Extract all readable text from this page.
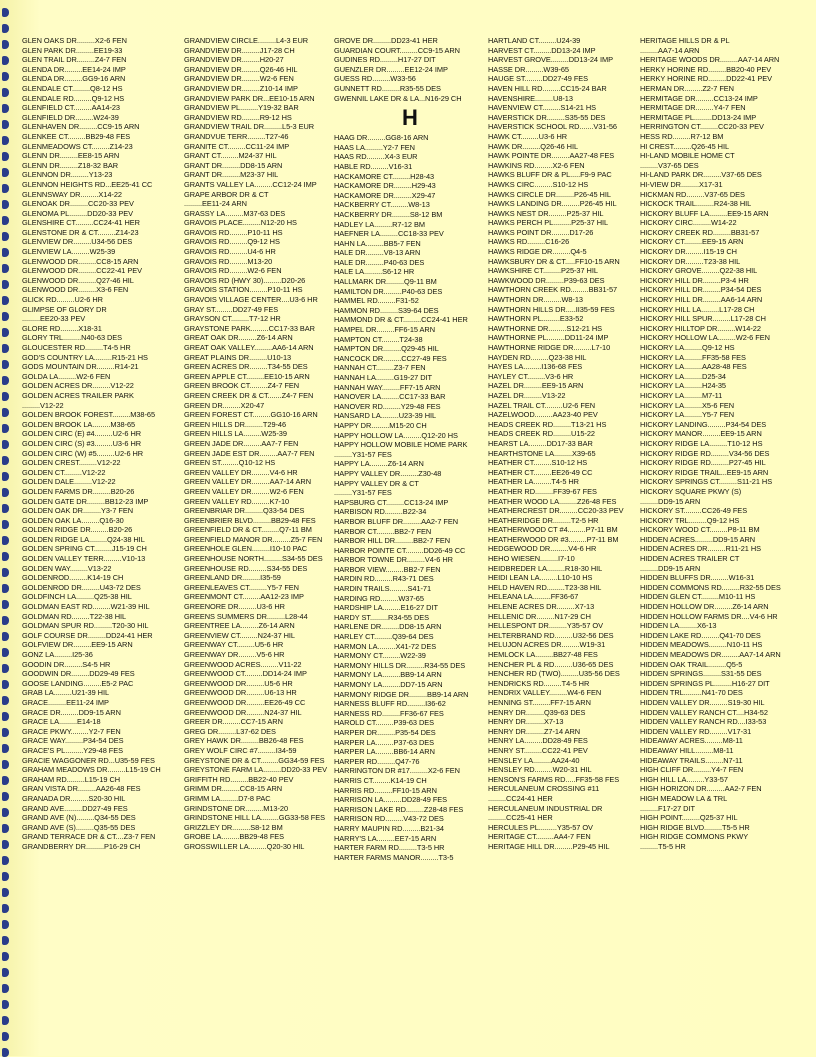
GLEN OAKS DR.........X2-6 FEN
GLEN PARK DR.........EE19-33
GLEN TRAIL DR.........Z4-7 FEN
GLENDA DR.........EE14-24 IMP
GLENDA DR.........GG9-16 ARN
GLENDALE CT.........Q8-12 HS
GLENDALE RD.........Q9-12 HS
GLENFIELD CT.........AA14-23
GLENFIELD DR.........W24-39
GLENHAVEN DR.........CC9-15 ARN
GLENKEE CT.........BB29-48 FES
GLENMEADOWS CT.........Z14-23
GLENN DR.........EE8-15 ARN
GLENN DR.........Z18-32 BAR
GLENNON DR.........Y13-23
GLENNON HEIGHTS RD...EE25-41 CC
GLENNSWAY DR.........X14-22
GLENOAK DR.........CC20-33 PEV
GLENOMA PL.........DD20-33 PEV
GLENSHIRE CT.........CC24-41 HER
GLENSTONE DR & CT.........Z14-23
GLENVIEW DR.........U34-56 DES
GLENVIEW LA.........W25-39
GLENWOOD DR.........CC8-15 ARN
GLENWOOD DR.........CC22-41 PEV
GLENWOOD DR.........Q27-46 HIL
GLENWOOD DR.........X3-6 FEN
GLICK RD.........U2-6 HR
GLIMPSE OF GLORY DR
.........EE20-33 PEV
GLORE RD.........X18-31
GLORY TRL.........N40-63 DES
GLOUCESTER RD.........T4-5 HR
GOD'S COUNTRY LA.........R15-21 HS
GODS MOUNTAIN DR.........R14-21
GOLDA LA.........W2-6 FEN
GOLDEN ACRES DR.........V12-22
GOLDEN ACRES TRAILER PARK
.........V12-22
GOLDEN BROOK FOREST.........M38-65
GOLDEN BROOK LA.........M38-65
GOLDEN CIRC (E) #4.........U2-6 HR
GOLDEN CIRC (S) #3.........U3-6 HR
GOLDEN CIRC (W) #5.........U2-6 HR
GOLDEN CREST.........V12-22
GOLDEN CT.........V12-22
GOLDEN DALE.........V12-22
GOLDEN FARMS DR.........B20-26
GOLDEN GATE DR.........BB12-23 IMP
GOLDEN OAK DR.........Y3-7 FEN
GOLDEN OAK LA.........Q16-30
GOLDEN RIDGE DR.........B20-26
GOLDEN RIDGE LA.........Q24-38 HIL
GOLDEN SPRING CT.........J15-19 CH
GOLDEN VALLEY TERR.........V10-13
GOLDEN WAY.........V13-22
GOLDENROD.........K14-19 CH
GOLDENROD DR.........U43-72 DES
GOLDFINCH LA.........Q25-38 HIL
GOLDMAN EAST RD.........W21-39 HIL
GOLDMAN RD.........T22-38 HIL
GOLDMAN SPUR RD.........T20-30 HIL
GOLF COURSE DR.........DD24-41 HER
GOLFVIEW DR.........EE9-15 ARN
GONZ LA.........I25-36
GOODIN DR.........S4-5 HR
GOODWIN DR.........DD29-49 FES
GOOSE LANDING.........E5-2 PAC
GRAB LA.........U21-39 HIL
GRACE.........EE11-24 IMP
GRACE DR.........DD9-15 ARN
GRACE LA.........E14-18
GRACE PKWY.........Y2-7 FEN
GRACE WAY.........P34-54 DES
GRACE'S PL.........Y29-48 FES
GRACIE WAGGONER RD...U35-59 FES
GRAHAM MEADOWS DR.........L15-19 CH
GRAHAM RD.........L15-19 CH
GRAN VISTA DR.........AA26-48 FES
GRANADA DR.........S20-30 HIL
GRAND AVE.........DD27-49 FES
GRAND AVE (N).........Q34-55 DES
GRAND AVE (S).........Q35-55 DES
GRAND TERRACE DR & CT....Z3-7 FEN
GRANDBERRY DR.........P16-29 CH
GRANDVIEW CIRCLE.........L4-3 EUR
GRANDVIEW DR.........J17-28 CH
GRANDVIEW DR.........H20-27
GRANDVIEW DR.........Q26-46 HIL
GRANDVIEW DR.........W2-6 FEN
GRANDVIEW DR.........Z10-14 IMP
GRANDVIEW PARK DR...EE10-15 ARN
GRANDVIEW PL.........Y19-32 BAR
GRANDVIEW RD.........R9-12 HS
GRANDVIEW TRAIL DR.........L5-3 EUR
GRANDVUE TERR.........T27-46
GRANITE CT.........CC11-24 IMP
GRANT CT.........M24-37 HIL
GRANT DR.........DD8-15 ARN
GRANT DR.........M23-37 HIL
GRANTS VALLEY LA.........CC12-24 IMP
GRAPE ARBOR DR & CT
.........EE11-24 ARN
GRASSY LA.........M37-63 DES
GRAVOIS PLACE.........N12-20 HS
GRAVOIS RD.........P10-11 HS
GRAVOIS RD.........Q9-12 HS
GRAVOIS RD.........U4-6 HR
GRAVOIS RD.........M13-20
GRAVOIS RD.........W2-6 FEN
GRAVOIS RD (HWY 30).........D20-26
GRAVOIS STATION.........P10-11 HS
GRAVOIS VILLAGE CENTER....U3-6 HR
GRAY ST.........DD27-49 FES
GRAYSON CT.........T7-12 HR
GRAYSTONE PARK.........CC17-33 BAR
GREAT OAK DR.........Z6-14 ARN
GREAT OAK VALLEY.........AA6-14 ARN
GREAT PLAINS DR.........U10-13
GREEN ACRES DR.........T34-55 DES
GREEN APPLE CT.........EE10-15 ARN
GREEN BROOK CT.........Z4-7 FEN
GREEN CREEK DR & CT.......Z4-7 FEN
GREEN DR.........X20-47
GREEN FOREST CT.........GG10-16 ARN
GREEN HILLS DR.........T29-46
GREEN HILLS LA.........W25-39
GREEN JADE DR.........AA7-7 FEN
GREEN JADE EST DR.........AA7-7 FEN
GREEN ST.........Q10-12 HS
GREEN VALLEY DR.........V4-6 HR
GREEN VALLEY DR.........AA7-14 ARN
GREEN VALLEY DR.........W2-6 FEN
GREEN VALLEY RD.........K7-10
GREENBRIAR DR.........Q33-54 DES
GREENBRIER BLVD.........BB29-48 FES
GREENFIELD DR & CT.........Q7-11 BM
GREENFIELD MANOR DR.........Z5-7 FEN
GREENHOLE GLEN.........I10-10 PAC
GREENHOUSE NORTH.........S34-55 DES
GREENHOUSE RD.........S34-55 DES
GREENLAND DR.........I35-59
GREENLEAVES CT.........Y5-7 FEN
GREENMONT CT.........AA12-23 IMP
GREENORE DR.........U3-6 HR
GREENS SUMMERS DR.........L28-44
GREENTREE LA.........Z6-14 ARN
GREENVIEW CT.........N24-37 HIL
GREENWAY CT.........U5-6 HR
GREENWAY DR.........V5-6 HR
GREENWOOD ACRES.........V11-22
GREENWOOD CT.........DD14-24 IMP
GREENWOOD DR.........U5-6 HR
GREENWOOD DR.........U6-13 HR
GREENWOOD DR.........EE26-49 CC
GREENWOOD DR.........N24-37 HIL
GREER DR.........CC7-15 ARN
GREG DR.........L37-62 DES
GREY HAWK DR.........BB26-48 FES
GREY WOLF CIRC #7.........I34-59
GREYSTONE DR & CT.........GG34-59 FES
GREYSTONE FARM LA.........DD20-33 PEV
GRIFFITH RD.........BB22-40 PEV
GRIMM DR.........CC8-15 ARN
GRIMM LA.........D7-8 PAC
GRINDSTONE DR.........M13-20
GRINDSTONE HILL LA.........GG33-58 FES
GRIZZLEY DR.........S8-12 BM
GROBE LA.........BB29-48 FES
GROSSWILLER LA.........Q20-30 HIL
GROVE DR.........DD23-41 HER
GUARDIAN COURT.........CC9-15 ARN
GUDINES RD.........H17-27 DIT
GUENZLER DR.........EE12-24 IMP
GUESS RD.........W33-56
GUNNETT RD.........R35-55 DES
GWENNIL LAKE DR & LA...N16-29 CH
H
HAAG DR.........GG8-16 ARN
HAAS LA.........Y2-7 FEN
HAAS RD.........X4-3 EUR
HABLE RD.........V16-31
HACKAMORE CT.........H28-43
HACKAMORE DR.........H29-43
HACKAMORE DR.........X29-47
HACKBERRY CT.........W8-13
HACKBERRY DR.........S8-12 BM
HADLEY LA.........R7-12 BM
HAEFNER LA.........CC18-33 PEV
HAHN LA.........BB5-7 FEN
HALE DR.........V8-13 ARN
HALE DR.........P40-63 DES
HALE LA.........S6-12 HR
HALLMARK DR.........Q9-11 BM
HAMILTON DR.........P40-63 DES
HAMMEL RD.........F31-52
HAMMON RD.........S39-64 DES
HAMMOND DR & CT.........CC24-41 HER
HAMPEL DR.........FF6-15 ARN
HAMPTON CT.........T24-38
HAMPTON DR.........Q29-45 HIL
HANCOCK DR.........CC27-49 FES
HANNAH CT.........Z3-7 FEN
HANNAH LA.........G19-27 DIT
HANNAH WAY.........FF7-15 ARN
HANOVER LA.........CC17-33 BAR
HANOVER RD.........Y29-48 FES
HANSARD LA.........U23-39 HIL
HAPPY DR.........M15-20 CH
HAPPY HOLLOW LA.........Q12-20 HS
HAPPY HOLLOW MOBILE HOME PARK
.........Y31-57 FES
HAPPY LA.........Z6-14 ARN
HAPPY VALLEY DR.........Z30-48
HAPPY VALLEY DR & CT
.........Y31-57 FES
HAPSBURG CT.........CC13-24 IMP
HARBISON RD.........B22-34
HARBOR BLUFF DR.........AA2-7 FEN
HARBOR CT.........BB2-7 FEN
HARBOR HILL DR.........BB2-7 FEN
HARBOR POINTE CT.........DD26-49 CC
HARBOR TOWNE DR.........V4-6 HR
HARBOR VIEW.........BB2-7 FEN
HARDIN RD.........R43-71 DES
HARDIN TRAILS.........S41-71
HARDING RD.........W37-65
HARDSHIP LA.........E16-27 DIT
HARDY ST.........R34-55 DES
HARLENE DR.........DD8-15 ARN
HARLEY CT.........Q39-64 DES
HARMON LA.........X41-72 DES
HARMONY CT.........W22-39
HARMONY HILLS DR.........R34-55 DES
HARMONY LA.........BB9-14 ARN
HARMONY LA.........DD7-15 ARN
HARMONY RIDGE DR.........BB9-14 ARN
HARNESS BLUFF RD.........I36-62
HARNESS RD.........FF36-67 FES
HAROLD CT.........P39-63 DES
HARPER DR.........P35-54 DES
HARPER LA.........P37-63 DES
HARPER LA.........BB6-14 ARN
HARPER RD.........Q47-76
HARRINGTON DR #17.........X2-6 FEN
HARRIS CT.........K14-19 CH
HARRIS RD.........FF10-15 ARN
HARRISON LA.........DD28-49 FES
HARRISON LAKE RD.........Z28-48 FES
HARRISON RD.........V43-72 DES
HARRY MAUPIN RD.........B21-34
HARRY'S LA.........EE7-15 ARN
HARTER FARM RD.........T3-5 HR
HARTER FARMS MANOR.........T3-5
HARTLAND CT.........U24-39
HARVEST CT.........DD13-24 IMP
HARVEST GROVE.........DD13-24 IMP
HASSE DR.........W39-65
HAUGE ST.........DD27-49 FES
HAVEN HILL RD.........CC15-24 BAR
HAVENSHIRE.........U8-13
HAVENVIEW CT.........S14-21 HS
HAVERSTICK DR.........S35-55 DES
HAVERSTICK SCHOOL RD.......V31-56
HAWK CT.........U3-6 HR
HAWK DR.........Q26-46 HIL
HAWK POINTE DR.........AA27-48 FES
HAWKINS RD.........X2-6 FEN
HAWKS BLUFF DR & PL.....F9-9 PAC
HAWKS CIRC.........S10-12 HS
HAWKS CIRCLE DR.........P26-45 HIL
HAWKS LANDING DR.........P26-45 HIL
HAWKS NEST DR.........P25-37 HIL
HAWKS PERCH PL.........P25-37 HIL
HAWKS POINT DR.........D17-26
HAWKS RD.........C16-26
HAWKS RIDGE DR.........Q4-5
HAWKSBURY DR & CT.....FF10-15 ARN
HAWKSHIRE CT.........P25-37 HIL
HAWKWOOD DR.........P39-63 DES
HAWTHORN CREEK RD.........BB31-57
HAWTHORN DR.........W8-13
HAWTHORN HILLS DR.....II35-59 FES
HAWTHORN PL.........E33-52
HAWTHORNE DR.........S12-21 HS
HAWTHORNE PL.........DD11-24 IMP
HAWTHORNE RIDGE DR.........L7-10
HAYDEN RD.........Q23-38 HIL
HAYES LA.........I136-68 FES
HAYLEY CT.........V3-6 HR
HAZEL DR.........EE9-15 ARN
HAZEL DR.........V13-22
HAZEL TRAIL CT.........U2-6 FEN
HAZELWOOD.........AA23-40 PEV
HEADS CREEK RD.........T13-21 HS
HEADS CREEK RD.........U15-22
HEARST LA.........DD17-33 BAR
HEARTHSTONE LA.........X39-65
HEATHER CT.........S10-12 HS
HEATHER CT.........EE26-49 CC
HEATHER LA.........T4-5 HR
HEATHER RD.........FF39-67 FES
HEATHER WOOD LA.........Z26-48 FES
HEATHERCREST DR.........CC20-33 PEV
HEATHERIDGE DR.........T2-5 HR
HEATHERWOOD CT #4.........P7-11 BM
HEATHERWOOD DR #3.........P7-11 BM
HEDGEWOOD DR.........V4-6 HR
HEHO WIESEN.........I7-10
HEIDBREDER LA.........R18-30 HIL
HEIDI LEAN LA.........L10-10 HS
HELD HAVEN RD.........T23-38 HIL
HELEANA LA.........FF36-67
HELENE ACRES DR.........X7-13
HELLENIC DR.........N17-29 CH
HELLESPONT DR.........Y35-57 OV
HELTERBRAND RD.........U32-56 DES
HELUJON ACRES DR.........W19-31
HEMLOCK LA.........BB27-48 FES
HENCHER PL & RD.........U36-65 DES
HENCHER RD (TWO).........U35-56 DES
HENDRICKS RD.........T4-5 HR
HENDRIX VALLEY.........W4-6 FEN
HENNING ST.........FF7-15 ARN
HENRY DR.........Q39-63 DES
HENRY DR.........X7-13
HENRY DR.........Z7-14 ARN
HENRY LA.........DD28-49 FES
HENRY ST.........CC22-41 PEV
HENSLEY LA.........AA24-40
HENSLEY RD.........W20-31 HIL
HENSON'S FARMS RD.....FF35-58 FES
HERCULANEUM CROSSING #11
.........CC24-41 HER
HERCULANEUM INDUSTRIAL DR
.........CC25-41 HER
HERCULES PL.........Y35-57 OV
HERITAGE CT.........AA4-7 FEN
HERITAGE HILL DR.........P29-45 HIL
HERITAGE HILLS DR & PL
.........AA7-14 ARN
HERITAGE WOODS DR.........AA7-14 ARN
HERKY HORINE RD.........BB20-40 PEV
HERKY HORINE RD.........DD22-41 PEV
HERMAN DR.........Z2-7 FEN
HERMITAGE DR.........CC13-24 IMP
HERMITAGE DR.........Y4-7 FEN
HERMITAGE PL.........DD13-24 IMP
HERRINGTON CT.........CC20-33 PEV
HESS RD.........R7-12 BM
HI CREST.........Q26-45 HIL
HI-LAND MOBILE HOME CT
.........V37-65 DES
HI-LAND PARK DR.........V37-65 DES
HI-VIEW DR.........X17-31
HICKMAN RD.........V37-65 DES
HICKOCK TRAIL.........R24-38 HIL
HICKORY BLUFF LA.........EE9-15 ARN
HICKORY CIRC.........W14-22
HICKORY CREEK RD.........BB31-57
HICKORY CT.........EE9-15 ARN
HICKORY DR.........I15-19 CH
HICKORY DR.........T23-38 HIL
HICKORY GROVE.........Q22-38 HIL
HICKORY HILL DR.........P3-4 HR
HICKORY HILL DR.........P34-54 DES
HICKORY HILL DR.........AA6-14 ARN
HICKORY HILL LA.........L17-28 CH
HICKORY HILL SPUR.........L17-28 CH
HICKORY HILLTOP DR.........W14-22
HICKORY HOLLOW LA.........W2-6 FEN
HICKORY LA.........Q9-12 HS
HICKORY LA.........FF35-58 FES
HICKORY LA.........AA28-48 FES
HICKORY LA.........D25-34
HICKORY LA.........H24-35
HICKORY LA.........M7-11
HICKORY LA.........X5-6 FEN
HICKORY LA.........Y5-7 FEN
HICKORY LANDING.........P34-54 DES
HICKORY MANOR.........EE9-15 ARN
HICKORY RIDGE LA.........T10-12 HS
HICKORY RIDGE RD.........V34-56 DES
HICKORY RIDGE RD.........P27-45 HIL
HICKORY RIDGE TRAIL...EE9-15 ARN
HICKORY SPRINGS CT.........S11-21 HS
HICKORY SQUARE PKWY (S)
.........DD9-15 ARN
HICKORY ST.........CC26-49 FES
HICKORY TRL.........Q9-12 HS
HICKORY WOOD CT.........P8-11 BM
HIDDEN ACRES.........DD9-15 ARN
HIDDEN ACRES DR.........R11-21 HS
HIDDEN ACRES TRAILER CT
.........DD9-15 ARN
HIDDEN BLUFFS DR.........W16-31
HIDDEN COMMONS RD.........R32-55 DES
HIDDEN GLEN CT.........M10-11 HS
HIDDEN HOLLOW DR.........Z6-14 ARN
HIDDEN HOLLOW FARMS DR....V4-6 HR
HIDDEN LA.........X6-13
HIDDEN LAKE RD.........Q41-70 DES
HIDDEN MEADOWS.........N10-11 HS
HIDDEN MEADOWS DR.........AA7-14 ARN
HIDDEN OAK TRAIL.........Q5-5
HIDDEN SPRINGS.........S31-55 DES
HIDDEN SPRINGS PL.........H16-27 DIT
HIDDEN TRL.........N41-70 DES
HIDDEN VALLEY DR.........S19-30 HIL
HIDDEN VALLEY RANCH CT....H34-52
HIDDEN VALLEY RANCH RD....I33-53
HIDDEN VALLEY RD.........V17-31
HIDEAWAY ACRES.........M8-11
HIDEAWAY HILL.........M8-11
HIDEAWAY TRAILS.........N7-11
HIGH CLIFF DR.........Y4-7 FEN
HIGH HILL LA.........Y33-57
HIGH HORIZON DR.........AA2-7 FEN
HIGH MEADOW LA & TRL
.........F17-27 DIT
HIGH POINT.........Q25-37 HIL
HIGH RIDGE BLVD.........T5-5 HR
HIGH RIDGE COMMONS PKWY
.........T5-5 HR
